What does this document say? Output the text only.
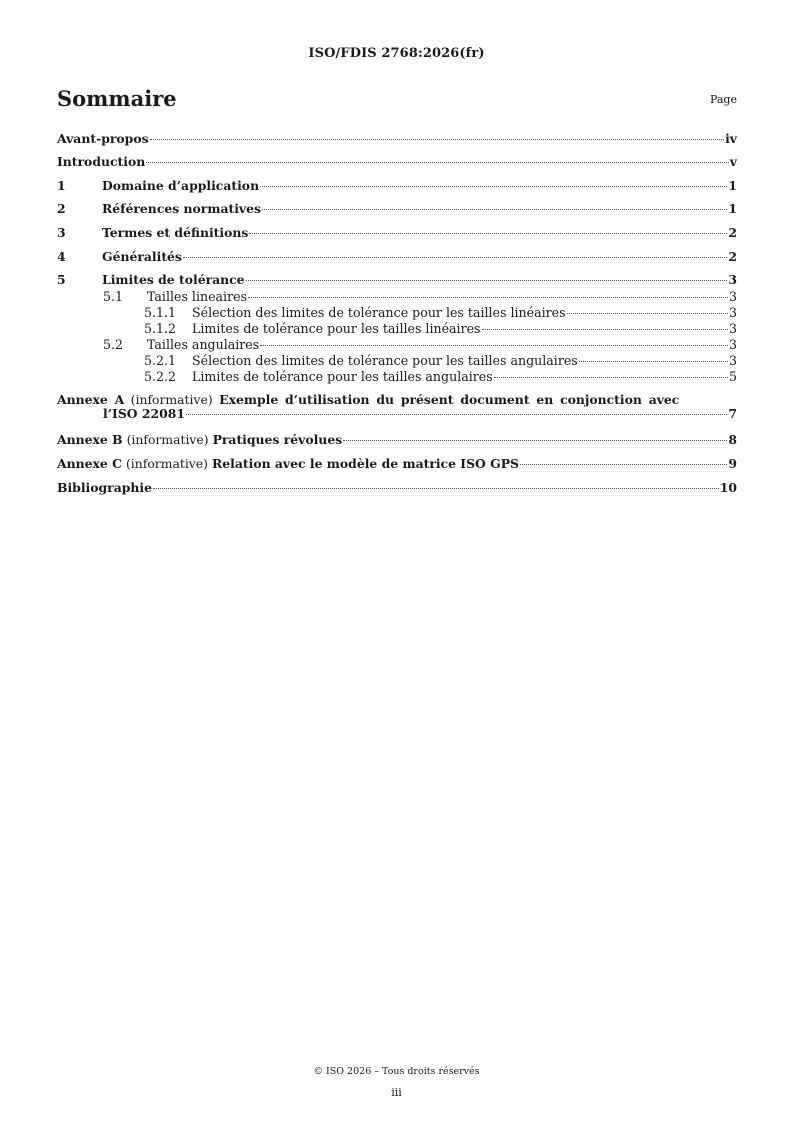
ISO/FDIS 2768:2026(fr)
Sommaire	Page
Avant-propos	iv
Introduction	v
1	Domaine d’application	1
2	Références normatives	1
3	Termes et définitions	2
4	Généralités	2
5	Limites de tolérance	3
5.1	Tailles lineaires	3
5.1.1	Sélection des limites de tolérance pour les tailles linéaires	3
5.1.2	Limites de tolérance pour les tailles linéaires	3
5.2	Tailles angulaires	3
5.2.1	Sélection des limites de tolérance pour les tailles angulaires	3
5.2.2	Limites de tolérance pour les tailles angulaires	5
Annexe A (informative) Exemple d’utilisation du présent document en conjonction avec
l’ISO 22081	7
Annexe B (informative) Pratiques révolues	8
Annexe C (informative) Relation avec le modèle de matrice ISO GPS	9
Bibliographie	10
© ISO 2026 – Tous droits réservés
iii
